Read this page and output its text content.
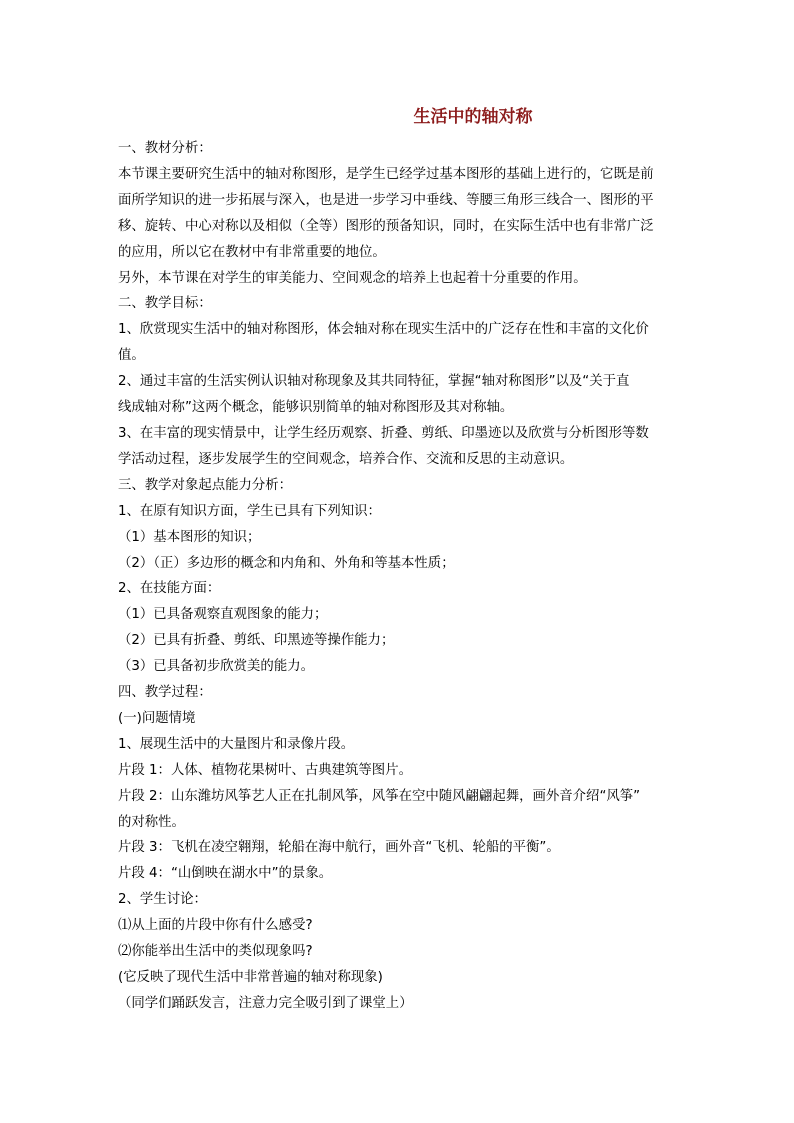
生活中的轴对称
一、教材分析：
本节课主要研究生活中的轴对称图形，是学生已经学过基本图形的基础上进行的，它既是前
面所学知识的进一步拓展与深入，也是进一步学习中垂线、等腰三角形三线合一、图形的平
移、旋转、中心对称以及相似（全等）图形的预备知识，同时，在实际生活中也有非常广泛
的应用，所以它在教材中有非常重要的地位。
另外，本节课在对学生的审美能力、空间观念的培养上也起着十分重要的作用。
二、教学目标：
1、欣赏现实生活中的轴对称图形，体会轴对称在现实生活中的广泛存在性和丰富的文化价
值。
2、通过丰富的生活实例认识轴对称现象及其共同特征，掌握“轴对称图形”以及“关于直
线成轴对称”这两个概念，能够识别简单的轴对称图形及其对称轴。
3、在丰富的现实情景中，让学生经历观察、折叠、剪纸、印墨迹以及欣赏与分析图形等数
学活动过程，逐步发展学生的空间观念，培养合作、交流和反思的主动意识。
三、教学对象起点能力分析：
1、在原有知识方面，学生已具有下列知识：
（1）基本图形的知识；
（2）（正）多边形的概念和内角和、外角和等基本性质；
2、在技能方面：
（1）已具备观察直观图象的能力；
（2）已具有折叠、剪纸、印黑迹等操作能力；
（3）已具备初步欣赏美的能力。
四、教学过程：
(一)问题情境
1、展现生活中的大量图片和录像片段。
片段 1：人体、植物花果树叶、古典建筑等图片。
片段 2：山东潍坊风筝艺人正在扎制风筝，风筝在空中随风翩翩起舞，画外音介绍“风筝”
的对称性。
片段 3：飞机在凌空翱翔，轮船在海中航行，画外音“飞机、轮船的平衡”。
片段 4：“山倒映在湖水中”的景象。
2、学生讨论：
⑴从上面的片段中你有什么感受?
⑵你能举出生活中的类似现象吗?
(它反映了现代生活中非常普遍的轴对称现象)
（同学们踊跃发言，注意力完全吸引到了课堂上）
